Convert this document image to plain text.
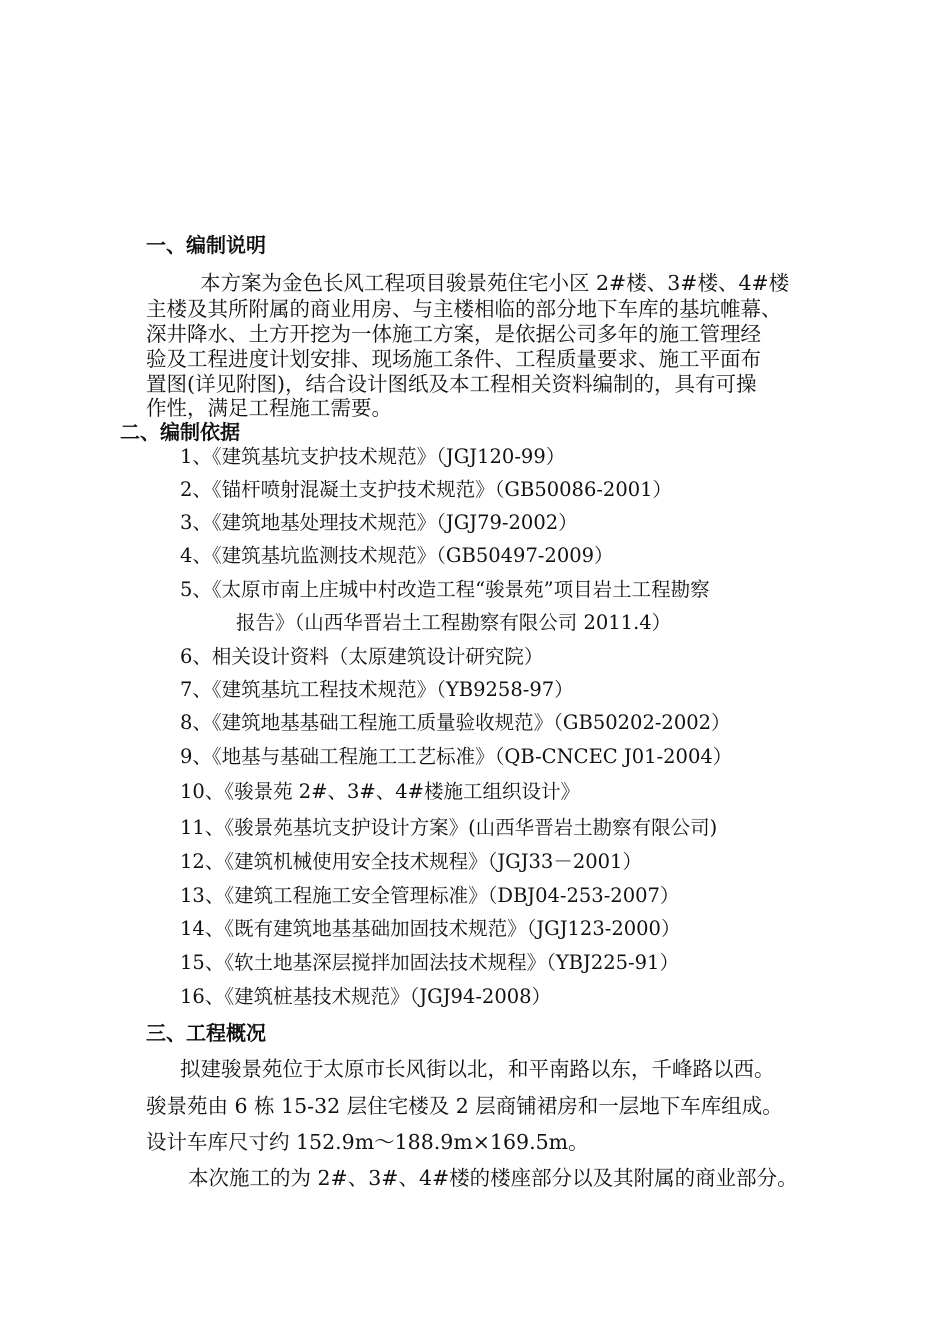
一、编制说明
本方案为金色长风工程项目骏景苑住宅小区 2#楼、3#楼、4#楼
主楼及其所附属的商业用房、与主楼相临的部分地下车库的基坑帷幕、
深井降水、土方开挖为一体施工方案，是依据公司多年的施工管理经
验及工程进度计划安排、现场施工条件、工程质量要求、施工平面布
置图(详见附图)，结合设计图纸及本工程相关资料编制的，具有可操
作性，满足工程施工需要。
二、编制依据
1、《建筑基坑支护技术规范》（JGJ120-99）
2、《锚杆喷射混凝土支护技术规范》（GB50086-2001）
3、《建筑地基处理技术规范》（JGJ79-2002）
4、《建筑基坑监测技术规范》（GB50497-2009）
5、《太原市南上庄城中村改造工程“骏景苑”项目岩土工程勘察
报告》（山西华晋岩土工程勘察有限公司 2011.4）
6、相关设计资料（太原建筑设计研究院）
7、《建筑基坑工程技术规范》（YB9258-97）
8、《建筑地基基础工程施工质量验收规范》（GB50202-2002）
9、《地基与基础工程施工工艺标准》（QB-CNCEC J01-2004）
10、《骏景苑 2#、3#、4#楼施工组织设计》
11、《骏景苑基坑支护设计方案》(山西华晋岩土勘察有限公司)
12、《建筑机械使用安全技术规程》（JGJ33－2001）
13、《建筑工程施工安全管理标准》（DBJ04-253-2007）
14、《既有建筑地基基础加固技术规范》（JGJ123-2000）
15、《软土地基深层搅拌加固法技术规程》（YBJ225-91）
16、《建筑桩基技术规范》（JGJ94-2008）
三、工程概况
拟建骏景苑位于太原市长风街以北，和平南路以东，千峰路以西。
骏景苑由 6 栋 15-32 层住宅楼及 2 层商铺裙房和一层地下车库组成。
设计车库尺寸约 152.9m～188.9m×169.5m。
本次施工的为 2#、3#、4#楼的楼座部分以及其附属的商业部分。
